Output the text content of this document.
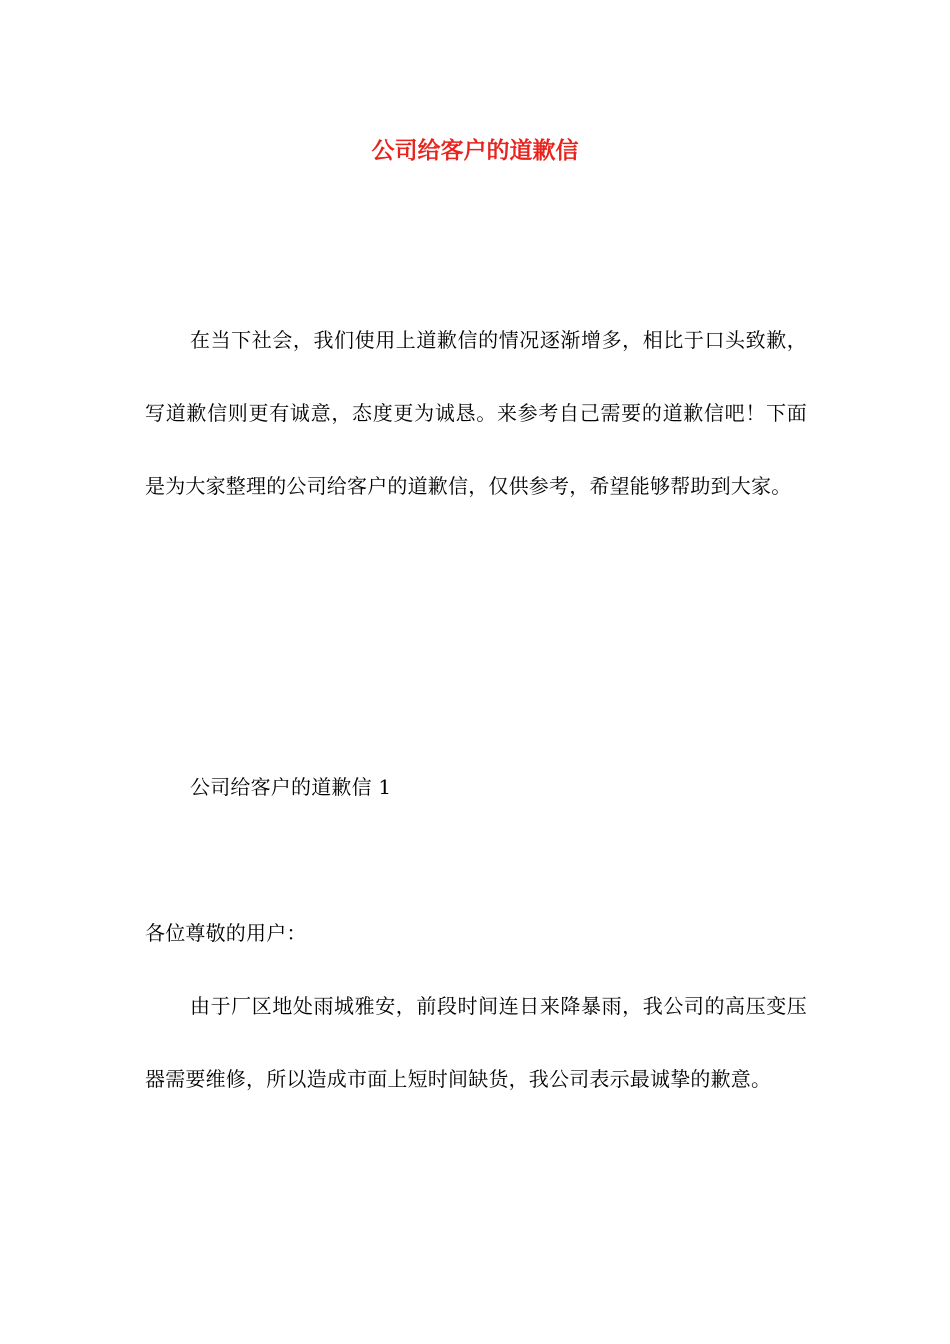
公司给客户的道歉信

在当下社会，我们使用上道歉信的情况逐渐增多，相比于口头致歉，写道歉信则更有诚意，态度更为诚恳。来参考自己需要的道歉信吧！下面是为大家整理的公司给客户的道歉信，仅供参考，希望能够帮助到大家。

公司给客户的道歉信 1

各位尊敬的用户：

由于厂区地处雨城雅安，前段时间连日来降暴雨，我公司的高压变压器需要维修，所以造成市面上短时间缺货，我公司表示最诚挚的歉意。
